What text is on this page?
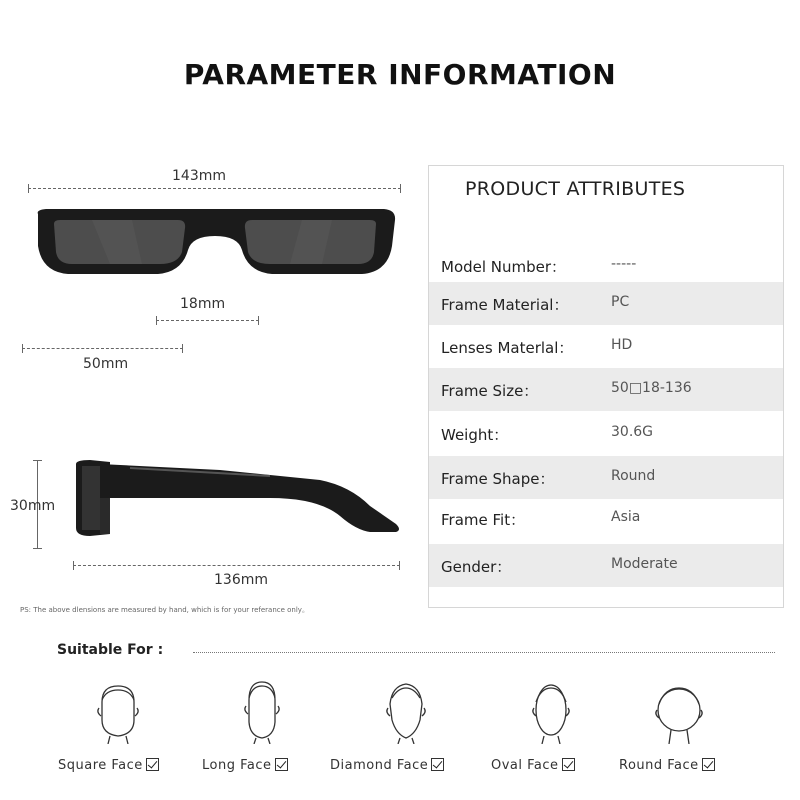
PARAMETER INFORMATION
143mm
18mm
50mm
30mm
136mm
PS: The above dlensions are measured by hand, which is for your referance only。
PRODUCT ATTRIBUTES
Model Number：	-----
Frame Material：	PC
Lenses Materlal：	HD
Frame Size：	50□18-136
Weight：	30.6G
Frame Shape：	Round
Frame Fit：	Asia
Gender：	Moderate
Suitable For :
Square Face	Long Face	Diamond Face	Oval Face	Round Face
